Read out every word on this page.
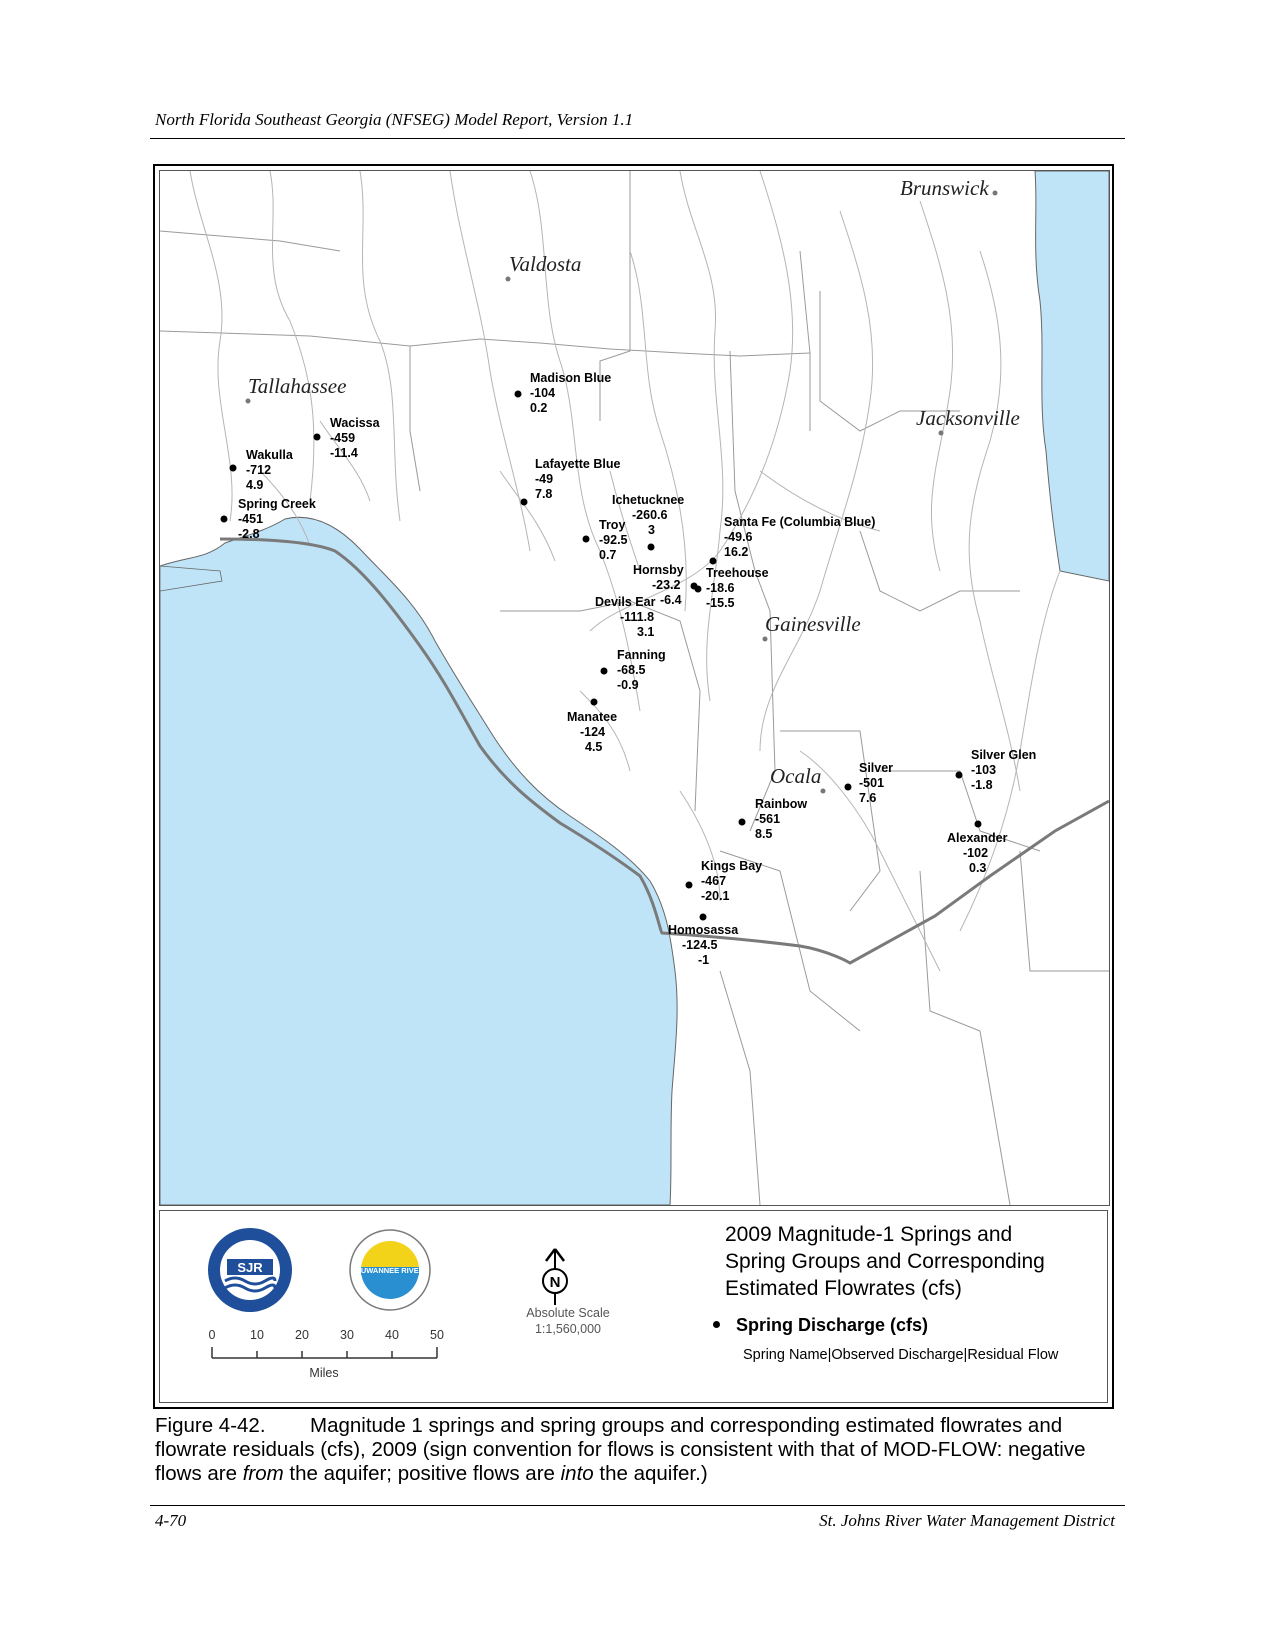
North Florida Southeast Georgia (NFSEG) Model Report, Version 1.1
Brunswick
Valdosta
Tallahassee
Jacksonville
Gainesville
Ocala
Madison Blue
-104
0.2
Wacissa
-459
-11.4
Wakulla
-712
4.9
Spring Creek
-451
-2.8
Lafayette Blue
-49
7.8	Ichetucknee
-260.6
3
Troy
-92.5
0.7
Santa Fe (Columbia Blue)
-49.6
16.2
Hornsby
-23.2
-6.4
Treehouse
-18.6
-15.5
Devils Ear
-111.8
3.1
Fanning
-68.5
-0.9
Manatee
-124
4.5
Silver Glen
-103
-1.8
Silver
-501
7.6
Rainbow
-561
8.5	Alexander
-102
0.3
Kings Bay
-467
-20.1
Homosassa
-124.5
-1
SJR	SUWANNEE RIVER
N
Absolute Scale
1:1,560,000
0	10 20 30 40 50
Miles
2009 Magnitude-1 Springs and
Spring Groups and Corresponding
Estimated Flowrates (cfs)
Spring Discharge (cfs)
Spring Name|Observed Discharge|Residual Flow
Figure 4-42. Magnitude 1 springs and spring groups and corresponding estimated flowrates and flowrate residuals (cfs), 2009 (sign convention for flows is consistent with that of MOD-FLOW: negative flows are from the aquifer; positive flows are into the aquifer.)
4-70	St. Johns River Water Management District
